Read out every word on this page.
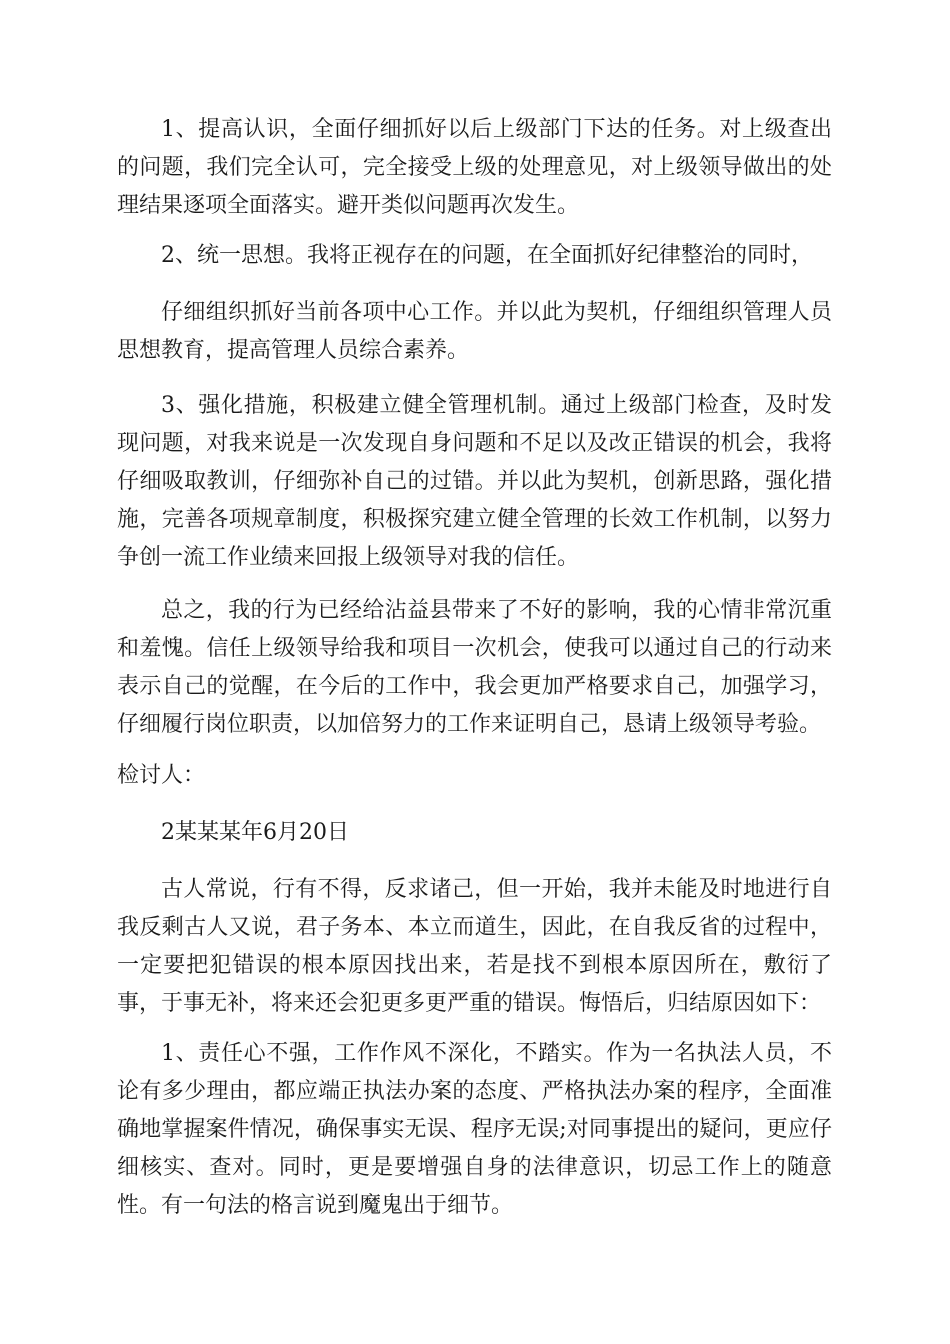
1、提高认识，全面仔细抓好以后上级部门下达的任务。对上级查出的问题，我们完全认可，完全接受上级的处理意见，对上级领导做出的处理结果逐项全面落实。避开类似问题再次发生。

2、统一思想。我将正视存在的问题，在全面抓好纪律整治的同时，

仔细组织抓好当前各项中心工作。并以此为契机，仔细组织管理人员思想教育，提高管理人员综合素养。

3、强化措施，积极建立健全管理机制。通过上级部门检查，及时发现问题，对我来说是一次发现自身问题和不足以及改正错误的机会，我将仔细吸取教训，仔细弥补自己的过错。并以此为契机，创新思路，强化措施，完善各项规章制度，积极探究建立健全管理的长效工作机制，以努力争创一流工作业绩来回报上级领导对我的信任。

总之，我的行为已经给沾益县带来了不好的影响，我的心情非常沉重和羞愧。信任上级领导给我和项目一次机会，使我可以通过自己的行动来表示自己的觉醒，在今后的工作中，我会更加严格要求自己，加强学习，仔细履行岗位职责，以加倍努力的工作来证明自己，恳请上级领导考验。

检讨人：

2某某某年6月20日

古人常说，行有不得，反求诸己，但一开始，我并未能及时地进行自我反剩古人又说，君子务本、本立而道生，因此，在自我反省的过程中，一定要把犯错误的根本原因找出来，若是找不到根本原因所在，敷衍了事，于事无补，将来还会犯更多更严重的错误。悔悟后，归结原因如下：

1、责任心不强，工作作风不深化，不踏实。作为一名执法人员，不论有多少理由，都应端正执法办案的态度、严格执法办案的程序，全面准确地掌握案件情况，确保事实无误、程序无误;对同事提出的疑问，更应仔细核实、查对。同时，更是要增强自身的法律意识，切忌工作上的随意性。有一句法的格言说到魔鬼出于细节。
